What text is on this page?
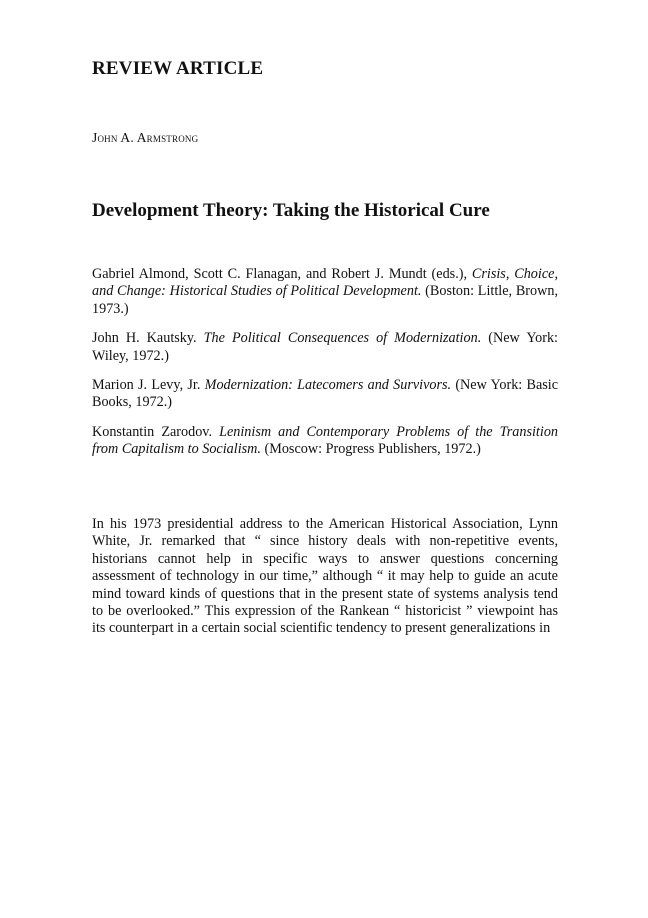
REVIEW ARTICLE

John A. Armstrong

Development Theory: Taking the Historical Cure
Gabriel Almond, Scott C. Flanagan, and Robert J. Mundt (eds.), Crisis, Choice, and Change: Historical Studies of Political Development. (Boston: Little, Brown, 1973.)
John H. Kautsky. The Political Consequences of Modernization. (New York: Wiley, 1972.)
Marion J. Levy, Jr. Modernization: Latecomers and Survivors. (New York: Basic Books, 1972.)
Konstantin Zarodov. Leninism and Contemporary Problems of the Transition from Capitalism to Socialism. (Moscow: Progress Publishers, 1972.)

In his 1973 presidential address to the American Historical Association, Lynn White, Jr. remarked that “ since history deals with non-repetitive events, historians cannot help in specific ways to answer questions concerning assessment of technology in our time,” although “ it may help to guide an acute mind toward kinds of questions that in the present state of systems analysis tend to be overlooked.” This expression of the Rankean “ historicist ” viewpoint has its counterpart in a certain social scientific tendency to present generalizations in
